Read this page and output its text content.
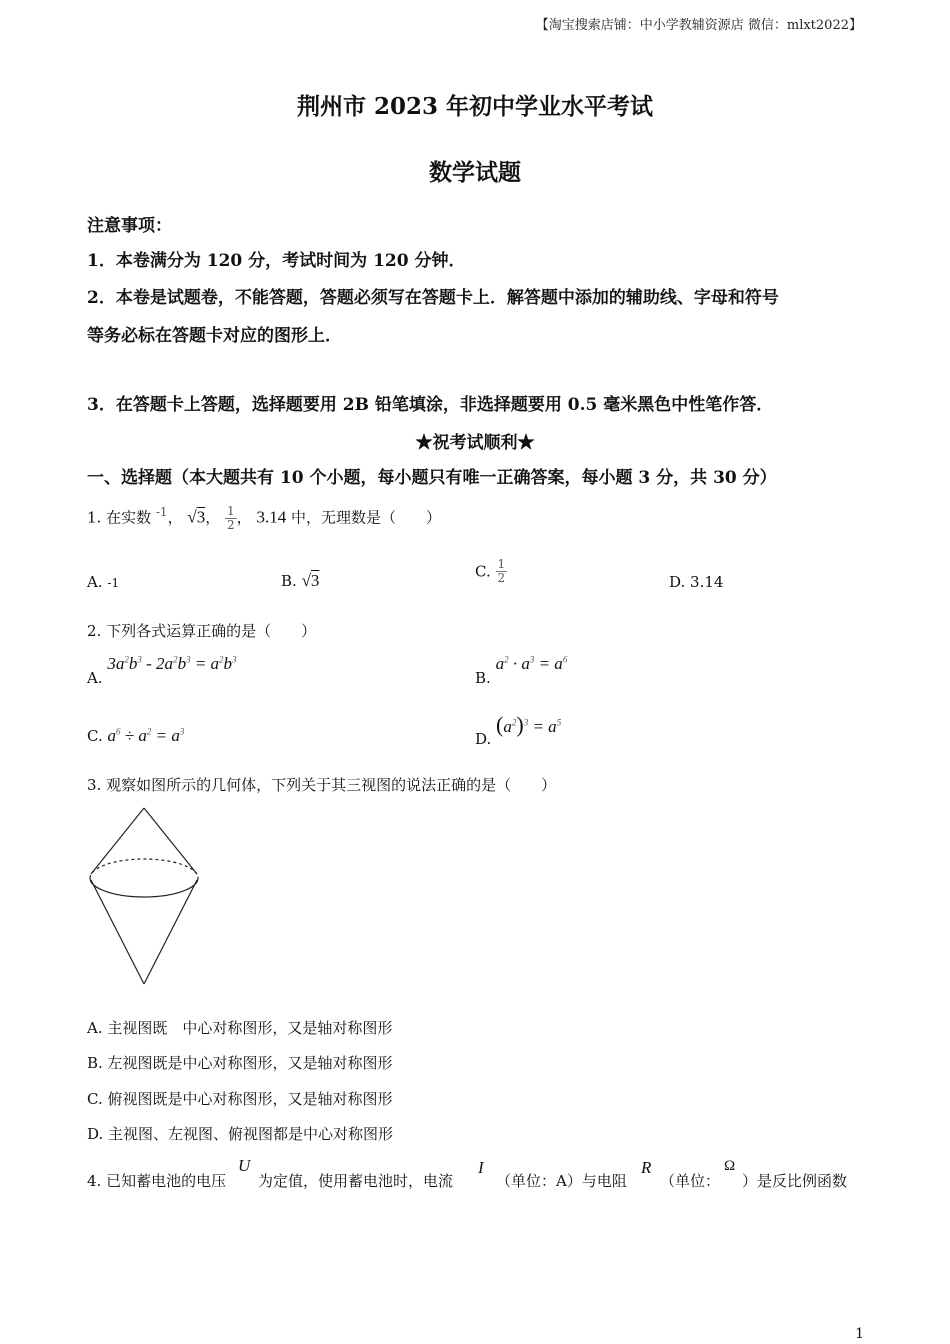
【淘宝搜索店铺：中小学教辅资源店 微信：mlxt2022】
荆州市 2023 年初中学业水平考试
数学试题
注意事项：
1．本卷满分为 120 分，考试时间为 120 分钟．
2．本卷是试题卷，不能答题，答题必须写在答题卡上．解答题中添加的辅助线、字母和符号
等务必标在答题卡对应的图形上．
3．在答题卡上答题，选择题要用 2B 铅笔填涂，非选择题要用 0.5 毫米黑色中性笔作答．
★祝考试顺利★
一、选择题（本大题共有 10 个小题，每小题只有唯一正确答案，每小题 3 分，共 30 分）
1. 在实数 $^{-1}$， √3， $\frac{1}{2}$ ， 3.14 中，无理数是（　　）
A. -1	B. √3	C. $\frac{1}{2}$	D. 3.14
2. 下列各式运算正确的是（　　）
A. $3a^2b^3 - 2a^2b^3 = a^2b^3$
B. $a^2 \cdot a^3 = a^6$
C. $a^6 \div a^2 = a^3$	D. $(a^2)^3 = a^5$
3. 观察如图所示的几何体，下列关于其三视图的说法正确的是（　　）
A. 主视图既　中心对称图形，又是轴对称图形
B. 左视图既是中心对称图形，又是轴对称图形
C. 俯视图既是中心对称图形，又是轴对称图形
D. 主视图、左视图、俯视图都是中心对称图形
4. 已知蓄电池的电压
U
为定值，使用蓄电池时，电流
I
（单位：A）与电阻
R
（单位：
Ω
）是反比例函数
1
